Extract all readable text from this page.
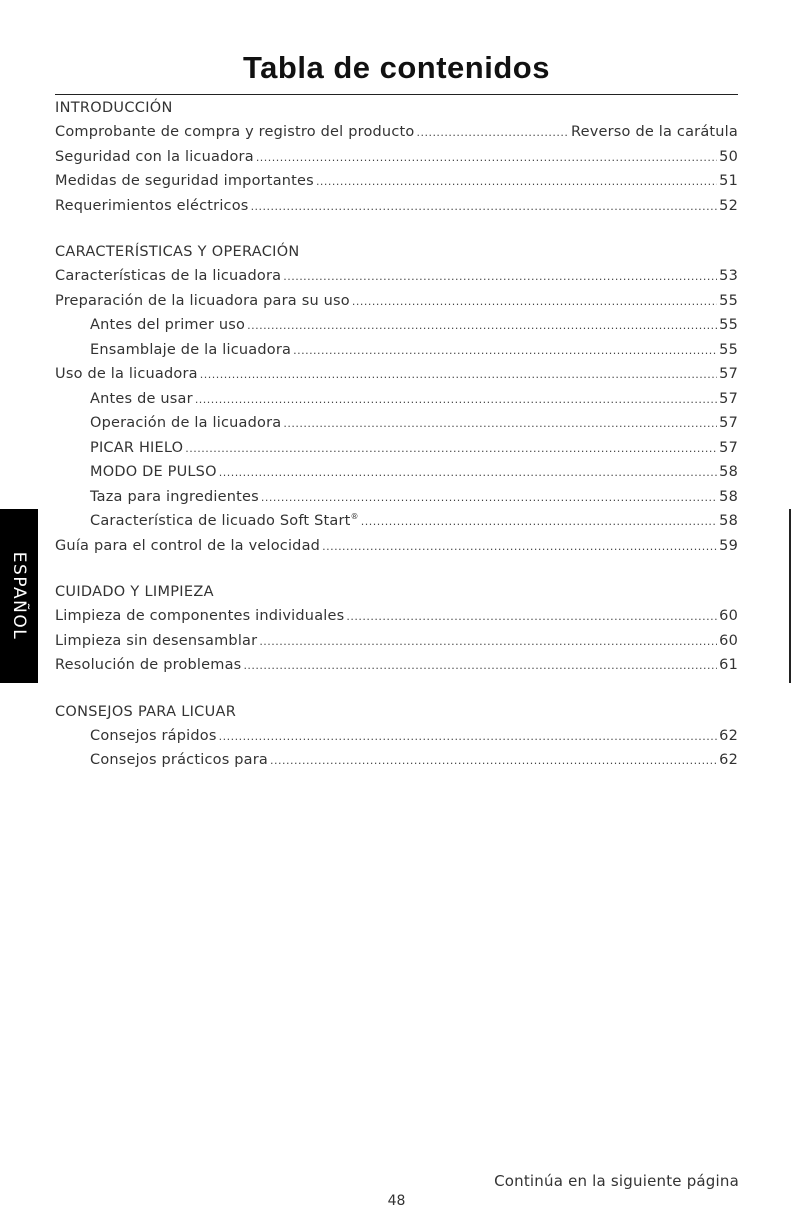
Tabla de contenidos
INTRODUCCIÓN
Comprobante de compra y registro del producto .....	Reverso de la carátula
Seguridad con la licuadora .....	50
Medidas de seguridad importantes .....	51
Requerimientos eléctricos .....	52
CARACTERÍSTICAS Y OPERACIÓN
Características de la licuadora .....	53
Preparación de la licuadora para su uso .....	55
Antes del primer uso .....	55
Ensamblaje de la licuadora .....	55
Uso de la licuadora .....	57
Antes de usar .....	57
Operación de la licuadora .....	57
PICAR HIELO .....	57
MODO DE PULSO .....	58
Taza para ingredientes .....	58
Característica de licuado Soft Start® .....	58
Guía para el control de la velocidad .....	59
CUIDADO Y LIMPIEZA
Limpieza de componentes individuales .....	60
Limpieza sin desensamblar .....	60
Resolución de problemas .....	61
CONSEJOS PARA LICUAR
Consejos rápidos .....	62
Consejos prácticos para .....	62
ESPAÑOL
Continúa en la siguiente página
48
